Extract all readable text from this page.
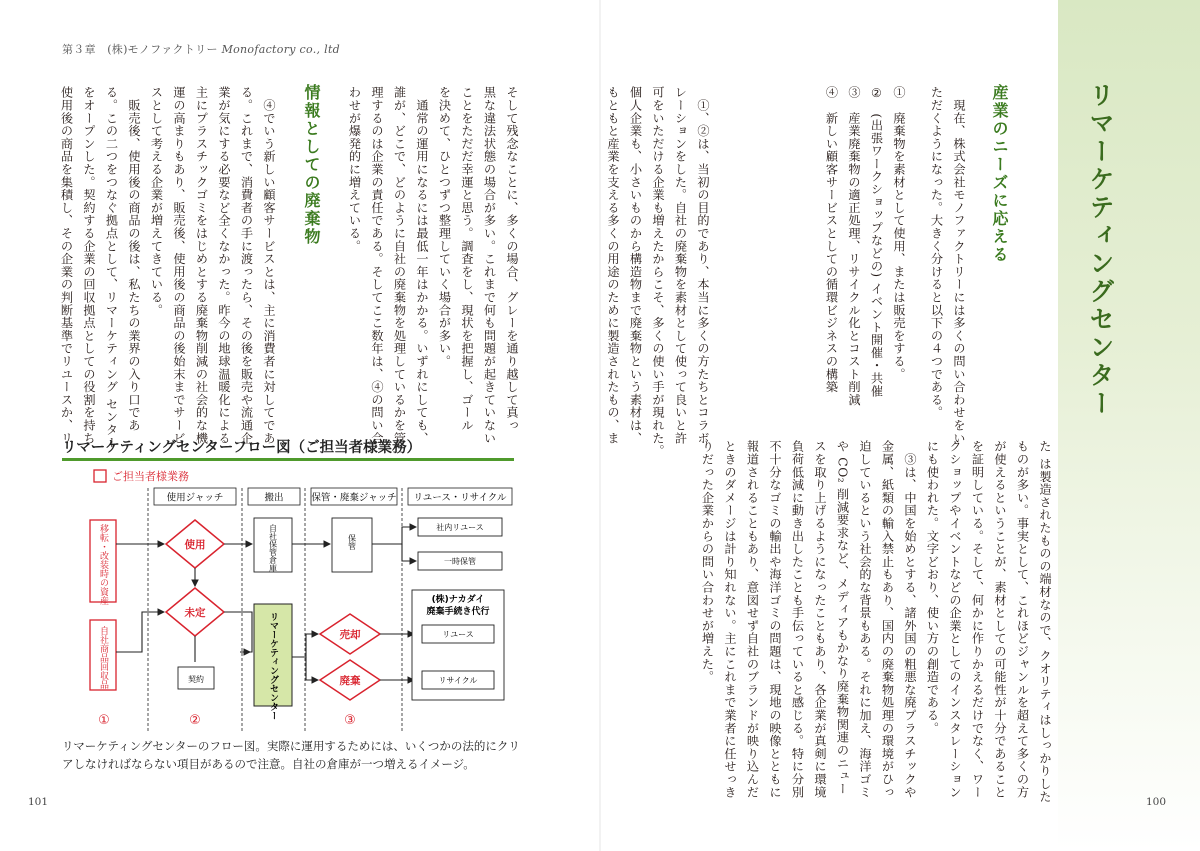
第３章　(株)モノファクトリー Monofactory co., ltd
そして残念なことに、多くの場合、グレーを通り越して真っ
黒な違法状態の場合が多い。これまで何も問題が起きていない
ことをただだ幸運と思う。調査をし、現状を把握し、ゴール
を決めて、ひとつずつ整理していく場合が多い。
　通常の運用になるには最低一年はかかる。いずれにしても、
誰が、どこで、どのように自社の廃棄物を処理しているかを管
理するのは企業の責任である。そしてここ数年は、④の問い合
わせが爆発的に増えている。
情報としての廃棄物
　④でいう新しい顧客サービスとは、主に消費者に対してであ
る。これまで、消費者の手に渡ったら、その後を販売や流通企
業が気にする必要など全くなかった。昨今の地球温暖化による
主にプラスチックゴミをはじめとする廃棄物削減の社会的な機
運の高まりもあり、販売後、使用後の商品の後始末までサービ
スとして考える企業が増えてきている。
　販売後、使用後の商品の後は、私たちの業界の入り口であ
る。この二つをつなぐ拠点として、リマーケティング センター
をオープンした。契約する企業の回収拠点としての役割を持ち、
使用後の商品を集積し、その企業の判断基準でリユースか、リ
リマーケティングセンターフロー図（ご担当者様業務）
ご担当者様業務
使用ジャッチ	搬出	保管・廃棄ジャッチ リユース・リサイクル
移転・改装時の資産
自社商品回収品
使用
未定
自社保管倉庫	保管
社内リユース
一時保管
契約	リマーケティングセンター	売却
廃棄
(株)ナカダイ
廃棄手続き代行
リユース
リサイクル
①	②	③
リマーケティングセンターのフロー図。実際に運用するためには、いくつかの法的にクリアしなければならない項目があるので注意。自社の倉庫が一つ増えるイメージ。
101
リマーケティングセンター
産業のニーズに応える
　現在、株式会社モノファクトリーには多くの問い合わせをい
ただくようになった。大きく分けると以下の４つである。
①　廃棄物を素材として使用、または販売をする。
②　(出張ワークショップなどの) イベント開催・共催
③　産業廃棄物の適正処理、リサイクル化とコスト削減
④　新しい顧客サービスとしての循環ビジネスの構築
　①、②は、当初の目的であり、本当に多くの方たちとコラボ
レーションをした。自社の廃棄物を素材として使って良いと許
可をいただける企業も増えたからこそ、多くの使い手が現れた。
個人企業も、小さいものから構造物まで廃棄物という素材は、
もともと産業を支える多くの用途のために製造されたもの、ま
た は製造されたものの端材なので、クオリティはしっかりした
ものが多い。事実として、これほどジャンルを超えて多くの方
が使えるということが、素材としての可能性が十分であること
を証明している。そして、何かに作りかえるだけでなく、ワー
クショップやイベントなどの企業としてのインスタレーション
にも使われた。文字どおり、使い方の創造である。
　③は、中国を始めとする、諸外国の粗悪な廃プラスチックや
金属、紙類の輸入禁止もあり、国内の廃棄物処理の環境がひっ
迫しているという社会的な背景もある。それに加え、海洋ゴミ
や CO₂ 削減要求など、メディアもかなり廃棄物関連のニュー
スを取り上げるようになったこともあり、各企業が真剣に環境
負荷低減に動き出したことも手伝っていると感じる。特に分別
不十分なゴミの輸出や海洋ゴミの問題は、現地の映像とともに
報道されることもあり、意図せず自社のブランドが映り込んだ
ときのダメージは計り知れない。主にこれまで業者に任せっき
りだった企業からの問い合わせが増えた。
100
